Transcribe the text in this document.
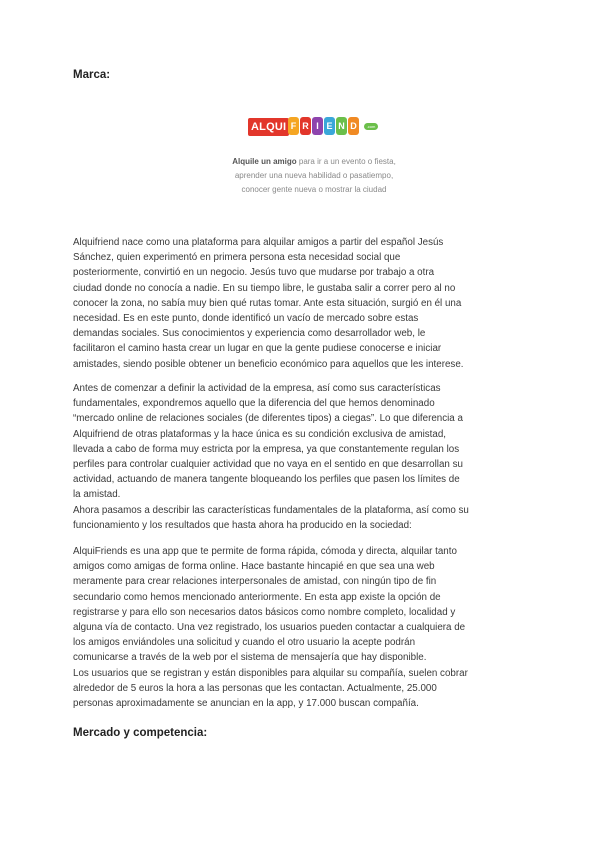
Marca:
ALQUI F R I E N D	.com

Alquile un amigo para ir a un evento o fiesta, aprender una nueva habilidad o pasatiempo, conocer gente nueva o mostrar la ciudad

Alquifriend nace como una plataforma para alquilar amigos a partir del español Jesús
Sánchez, quien experimentó en primera persona esta necesidad social que
posteriormente, convirtió en un negocio. Jesús tuvo que mudarse por trabajo a otra
ciudad donde no conocía a nadie. En su tiempo libre, le gustaba salir a correr pero al no
conocer la zona, no sabía muy bien qué rutas tomar. Ante esta situación, surgió en él una
necesidad. Es en este punto, donde identificó un vacío de mercado sobre estas
demandas sociales. Sus conocimientos y experiencia como desarrollador web, le
facilitaron el camino hasta crear un lugar en que la gente pudiese conocerse e iniciar
amistades, siendo posible obtener un beneficio económico para aquellos que les interese.

Antes de comenzar a definir la actividad de la empresa, así como sus características
fundamentales, expondremos aquello que la diferencia del que hemos denominado
“mercado online de relaciones sociales (de diferentes tipos) a ciegas”. Lo que diferencia a
Alquifriend de otras plataformas y la hace única es su condición exclusiva de amistad,
llevada a cabo de forma muy estricta por la empresa, ya que constantemente regulan los
perfiles para controlar cualquier actividad que no vaya en el sentido en que desarrollan su
actividad, actuando de manera tangente bloqueando los perfiles que pasen los límites de
la amistad.

Ahora pasamos a describir las características fundamentales de la plataforma, así como su
funcionamiento y los resultados que hasta ahora ha producido en la sociedad:

AlquiFriends es una app que te permite de forma rápida, cómoda y directa, alquilar tanto
amigos como amigas de forma online. Hace bastante hincapié en que sea una web
meramente para crear relaciones interpersonales de amistad, con ningún tipo de fin
secundario como hemos mencionado anteriormente. En esta app existe la opción de
registrarse y para ello son necesarios datos básicos como nombre completo, localidad y
alguna vía de contacto. Una vez registrado, los usuarios pueden contactar a cualquiera de
los amigos enviándoles una solicitud y cuando el otro usuario la acepte podrán
comunicarse a través de la web por el sistema de mensajería que hay disponible.
Los usuarios que se registran y están disponibles para alquilar su compañía, suelen cobrar
alrededor de 5 euros la hora a las personas que les contactan. Actualmente, 25.000
personas aproximadamente se anuncian en la app, y 17.000 buscan compañía.

Mercado y competencia:
